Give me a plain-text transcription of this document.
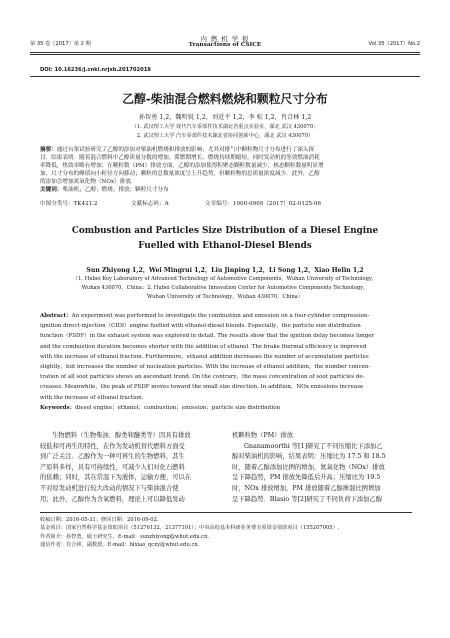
第 35 卷（2017）第 2 期
内 燃 机 学 报
Transactions of CSICE	Vol.35（2017）No.2
DOI: 10.16236/j.cnki.nrjxb.201702018
乙醇-柴油混合燃料燃烧和颗粒尺寸分布
孙智勇 1,2，魏明锐 1,2，刘近平 1,2，李 松 1,2，肖合林 1,2
（1. 武汉理工大学 现代汽车零部件技术湖北省重点实验室，湖北 武汉 430070；
2. 武汉理工大学 汽车零部件技术湖北省协同创新中心，湖北 武汉 430070）
摘要：通过台架试验研究了乙醇的添加对柴油机燃烧和排放的影响，尤其对排气中颗粒物尺寸分布进行了深入探
讨．结果表明：随着混合燃料中乙醇质量分数的增加，滞燃期增长、燃烧持续期缩短，同时发动机的等效燃油消耗
率降低，热效率略有增加；在颗粒数（PM）排放方面，乙醇的添加使得积聚态颗粒数量减少，核态颗粒数量明显增
加，尺寸分布的峰值向小粒径方向移动；颗粒的总数量浓度呈上升趋势，但颗粒物的总质量浓度减少．此外，乙醇
的添加会增加氮氧化物（NOx）排放．
关键词：柴油机；乙醇；燃烧；排放；颗粒尺寸分布
中图分类号：TK421.2	文献标志码：A	文章编号：1000-0909（2017）02-0125-06
Combustion and Particles Size Distribution of a Diesel Engine
Fuelled with Ethanol-Diesel Blends
Sun Zhiyong 1,2，Wei Mingrui 1,2，Liu Jinping 1,2，Li Song 1,2，Xiao Helin 1,2
（1. Hubei Key Laboratory of Advanced Technology of Automotive Components，Wuhan University of Technology，
Wuhan 430070，China；2. Hubei Collaborative Innovation Center for Automotive Components Technology，
Wuhan University of Technology，Wuhan 430070，China）
Abstract：An experiment was performed to investigate the combustion and emission on a four-cylinder compression-
ignition direct-injection（CIDI）engine fuelled with ethanol-diesel blends. Especially，the particle size distribution
function（PSDF）in the exhaust system was explored in detail. The results show that the ignition delay becomes longer
and the combustion duration becomes shorter with the addition of ethanol. The brake thermal efficiency is improved
with the increase of ethanol fraction. Furthermore，ethanol addition decreases the number of accumulation particles
slightly，but increases the number of nucleation particles. With the increase of ethanol addition，the number concen-
tration of all soot particles shows an ascendant trend. On the contrary，the mass concentration of soot particles de-
creases. Meanwhile，the peak of PSDF moves toward the small size direction. In addition，NOx emissions increase
with the increase of ethanol fraction.
Keywords：diesel engine；ethanol；combustion；emission；particle size distribution
生物燃料（生物柴油、醇类和醚类等）因具有排放
较低和可再生的特性，在作为发动机替代燃料方面受
到广泛关注．乙醇作为一种可再生的生物燃料，其生
产原料多样，具有可持续性，可减少人们对化石燃料
的依赖；同时，其在常温下为液体，运输方便，可以在
不对原发动机进行较大改动的情况下与柴油混合使
用；此外，乙醇作为含氧燃料，理论上可以降低发动
机颗粒物（PM）排放．
Gnanamoorthi 等[1]研究了不同压缩比下添加乙
醇对柴油机的影响，结果表明：压缩比为 17.5 和 18.5
时，随着乙醇添加比例的增加，氮氧化物（NOx）排放
呈下降趋势，PM 排放先降低后升高；压缩比为 19.5
时，NOx 排放增加，PM 排放随着乙醇掺混比例增加
呈下降趋势．Blasio 等[2]研究了不同负荷下添加乙醇
收稿日期：2016-05-31；修回日期：2016-09-02.
基金项目：国家自然科学基金资助项目（51276132，21377101）；中央高校基本科研业务费专项资金资助项目（155207005）.
作者简介：孙智勇，硕士研究生，E-mail：sunzhiyong@whut.edu.cn.
通信作者：肖合林，副教授，E-mail：hlxiao_qcxy@whut.edu.cn.
